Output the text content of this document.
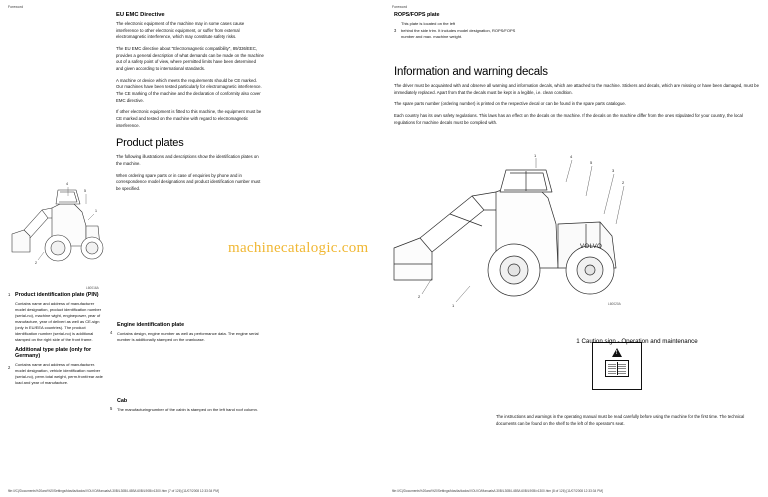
Foreword
4
5
1
2
L60016A
1 Product identification plate (PIN)

Contains name and address of manufacturer model designation, product identification number (serial-no), machine wight, enginepower, year of manufacture, year of deliveri as well as CE-sign (only in EU/EEA countries). The product identification number (serial-no) is additional stamped on the right side of the front frame.

2
Additional type plate (only for Germany)

Contains name and address of manufacturer. model designation, vehicle identification number (serial-no), perm.total weight, perm.front/rear axle load and year of manufacture.

EU EMC Directive

The electronic equipment of the machine may in some cases cause interference to other electronic equipment, or suffer from external electromagnetic interference, which may constitute safety risks.

The EU EMC directive about "Electromagnetic compatibility", 89/336/EEC, provides a general description of what demands can be made on the machine out of a safety point of view, where permitted limits have been determined and given according to international standards.

A machine or device which meets the requirements should be CE marked. Our machines have been tested particularly for electromagnetic interference. The CE marking of the machine and the declaration of conformity also cover EMC directive.

If other electronic equipment is fitted to this machine, the equipment must be CE marked and tested on the machine with regard to electromagnetic interference.

Product plates

The following illustrations and descriptions show the identification plates on the machine.

When ordering spare parts or in case of enquiries by phone and in correspondence model designations and product identification number must be specified.

4
Engine identification plate

Contains design, engine number as well as performance data. The engine serial number is additionally stamped on the crankcase.

5
Cab

The manufacturingnumber of the cabin is stamped on the left hand roof column.

file:///C|/Documents%20and%20Settings/tdavila/dados/VOLVO/Manuals/L30B/L30B/L45B/L60B/L90B/v1300.htm (7 of 126) [11/07/2008 12:33:34 PM]
Foreword
ROPS/FOPS plate

This plate is located on the left

3 behind the side trim. It includes model designation, ROPS/FOPS number and max. machine weight.

Information and warning decals

The driver must be acquainted with and observe all warning and information decals, which are attached to the machine. Stickers and decals, which are missing or have been damaged, must be immediately replaced. Apart from that the decals must be kept in a legible, i.e. clean condition.

The spare parts number (ordering number) is printed on the respective decal or can be found in the spare parts catalogue.

Each country has its own safety regulations. This laws has an effect on the decals on the machine. If the decals on the machine differ from the ones stipulated for your country, the local regulations for machine decals must be complied with.

VOLVO
1	4
5
3
2
1
2
L60020A
!

1 Caution sign - Operation and maintenance

The instructions and warnings in the operating manual must be read carefully before using the machine for the first time. The technical documents can be found on the shelf to the left of the operator's seat.

file:///C|/Documents%20and%20Settings/tdavila/dados/VOLVO/Manuals/L30B/L30B/L45B/L60B/L90B/v1300.htm (8 of 126) [11/07/2008 12:33:34 PM]
machinecatalogic.com
